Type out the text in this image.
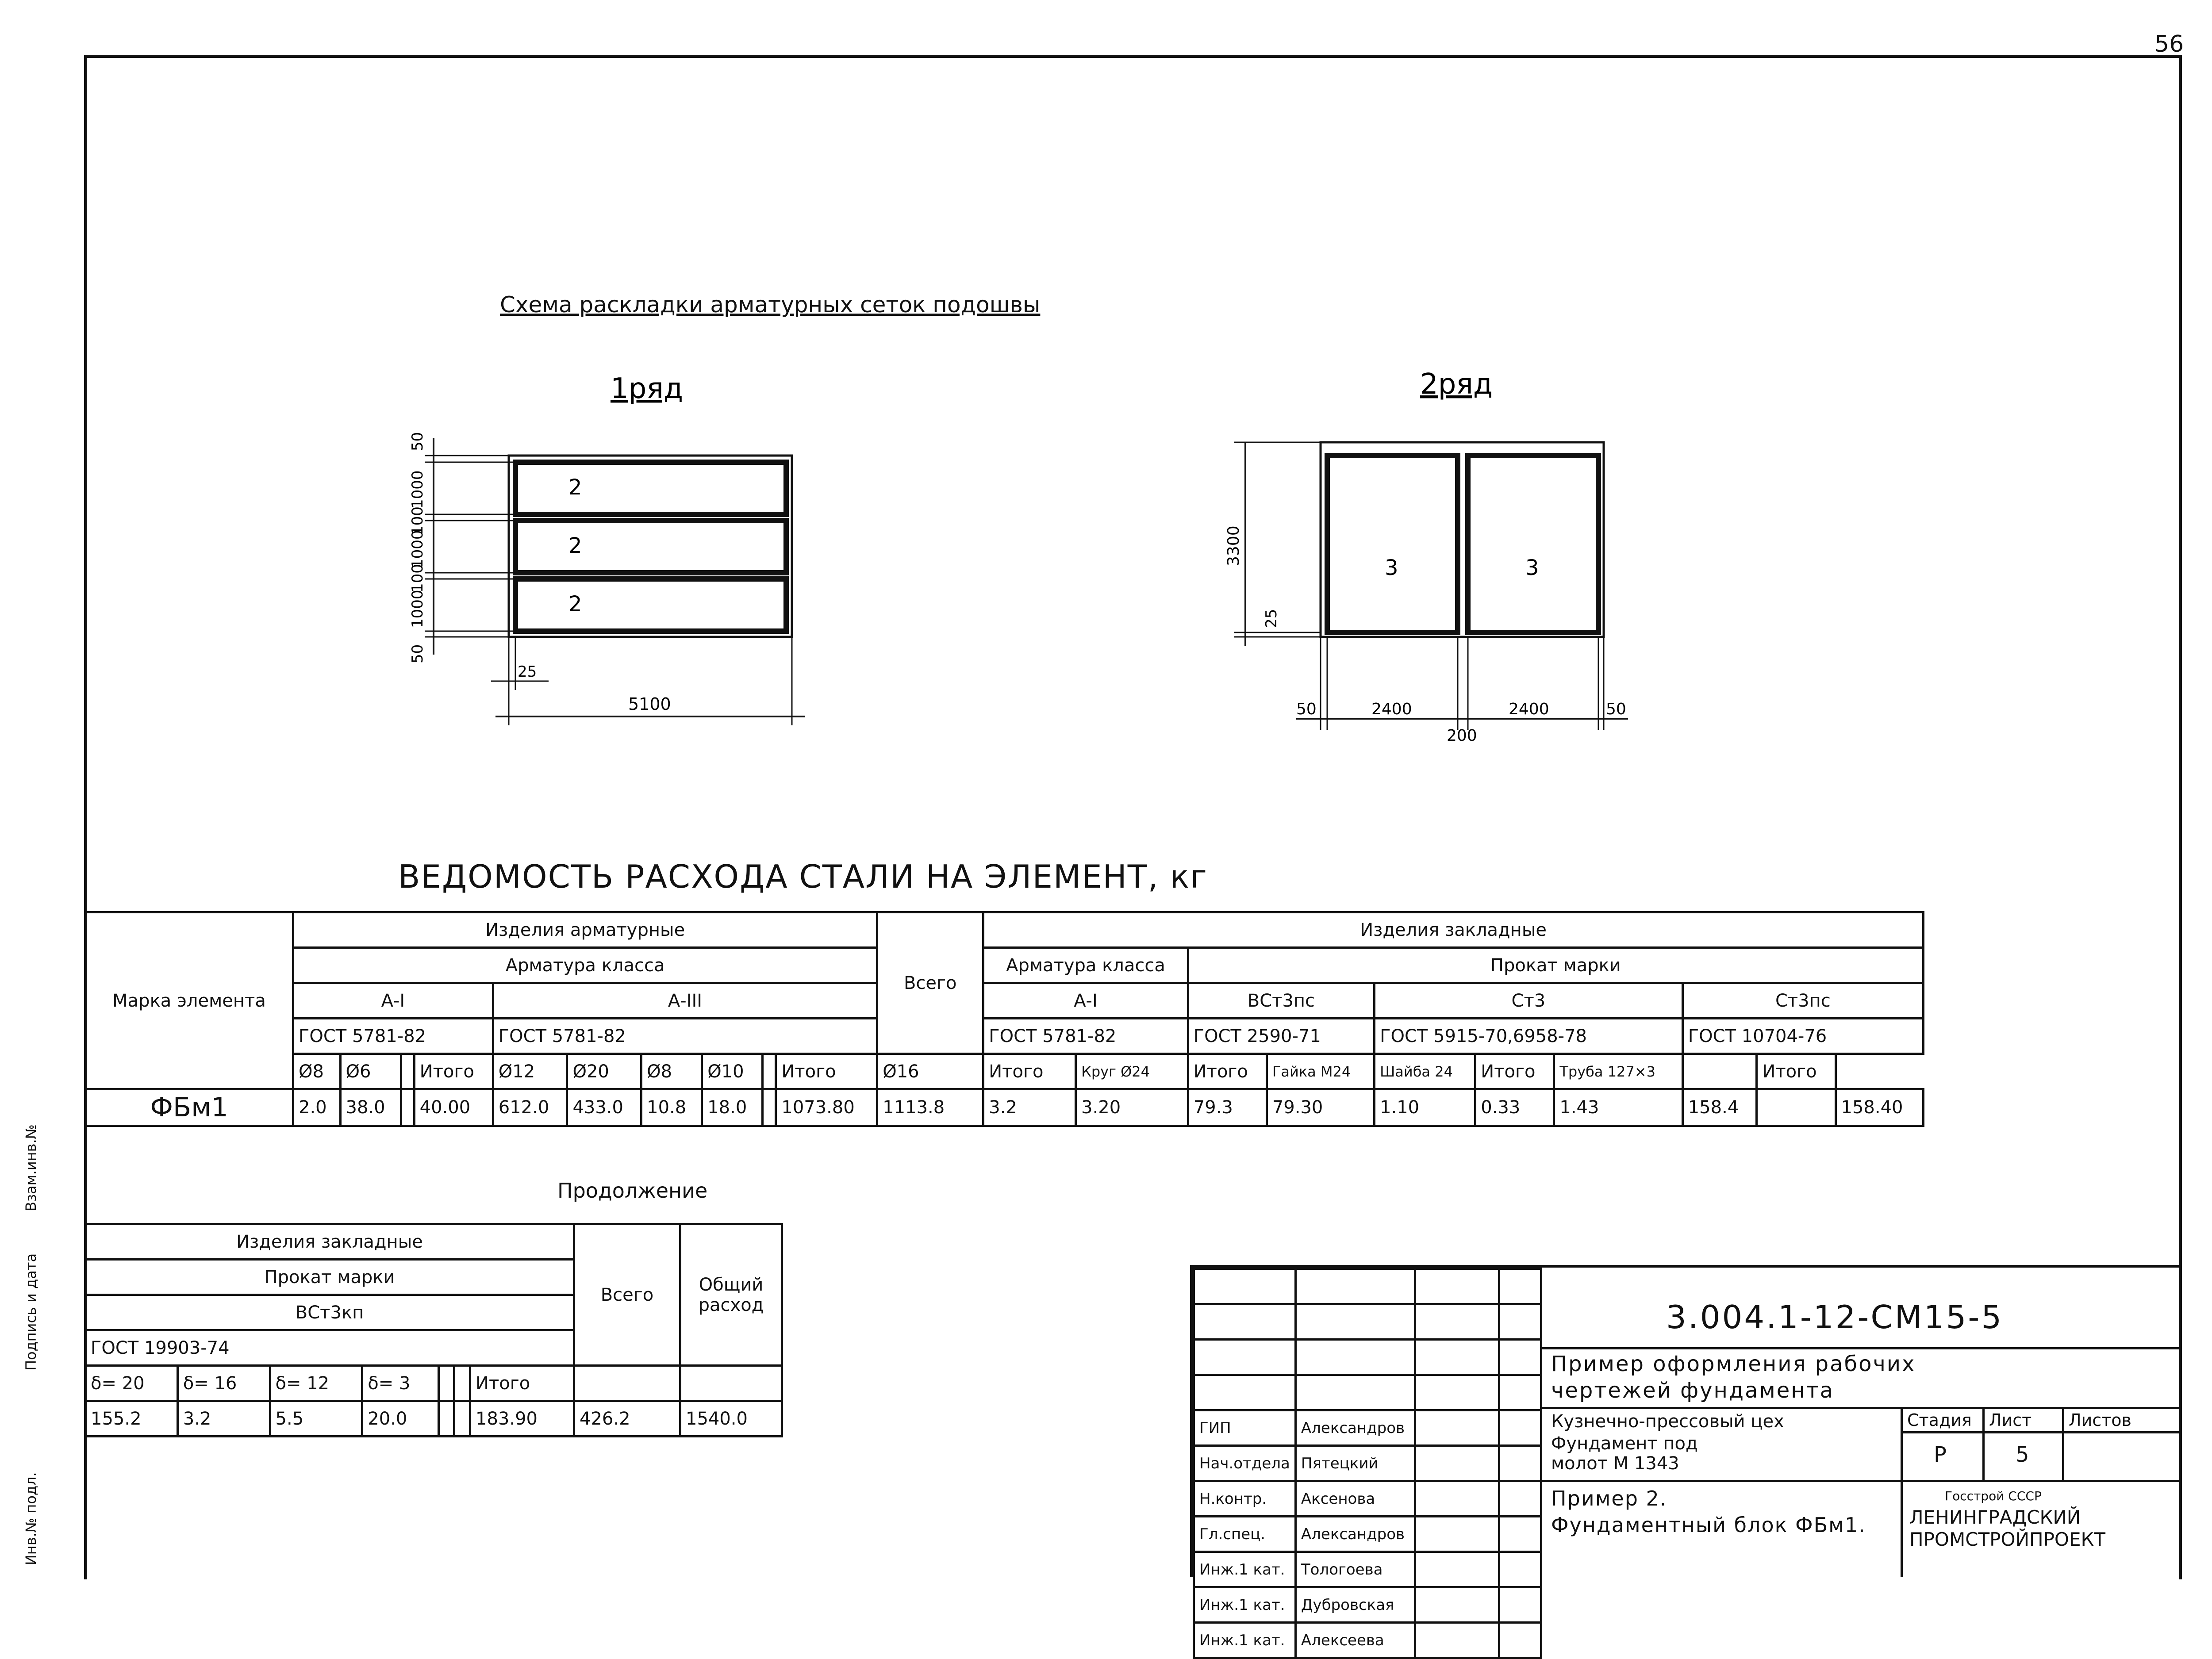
56
Инв.№ подл.
Подпись и дата
Взам.инв.№
Схема раскладки арматурных сеток подошвы
1ряд
2
2
2
50
1000
100
1000
100
1000
50
25
5100
2ряд
3	3
3300
25
50	2400	2400	50
200
ВЕДОМОСТЬ РАСХОДА СТАЛИ НА ЭЛЕМЕНТ, кг
Марка элемента	Изделия арматурные										Всего	Изделия закладные									
	Арматура класса											Арматура класса		Прокат марки							
	А-I				А-III							А-I		ВСт3пс		Ст3			Ст3пс		
	ГОСТ 5781-82				ГОСТ 5781-82							ГОСТ 5781-82		ГОСТ 2590-71		ГОСТ 5915-70,6958-78			ГОСТ 10704-76		
	Ø8	Ø6		Итого	Ø12	Ø20	Ø8	Ø10		Итого	Ø16	Итого	Круг Ø24	Итого	Гайка М24	Шайба 24	Итого	Труба 127×3		Итого	
ФБм1	2.0	38.0		40.00	612.0	433.0	10.8	18.0		1073.80	1113.8	3.2	3.20	79.3	79.30	1.10	0.33	1.43	158.4		158.40
Продолжение
Изделия закладные							Всего	Общий расход
Прокат марки								
ВСт3кп								
ГОСТ 19903-74								
δ= 20	δ= 16	δ= 12	δ= 3			Итого		
155.2	3.2	5.5	20.0			183.90	426.2	1540.0

				ГИП	Александров		
Нач.отдела	Пятецкий		
Н.контр.	Аксенова		
Гл.спец.	Александров		
Инж.1 кат.	Тологоева		
Инж.1 кат.	Дубровская		
Инж.1 кат.	Алексеева		
3.004.1-12-СМ15-5
Пример оформления рабочих
чертежей фундамента
Кузнечно-прессовый цех
Фундамент под
молот М 1343
Пример 2.
Фундаментный блок ФБм1.
Стадия Лист Листов
Р	5
Госстрой СССР
ЛЕНИНГРАДСКИЙ
ПРОМСТРОЙПРОЕКТ
